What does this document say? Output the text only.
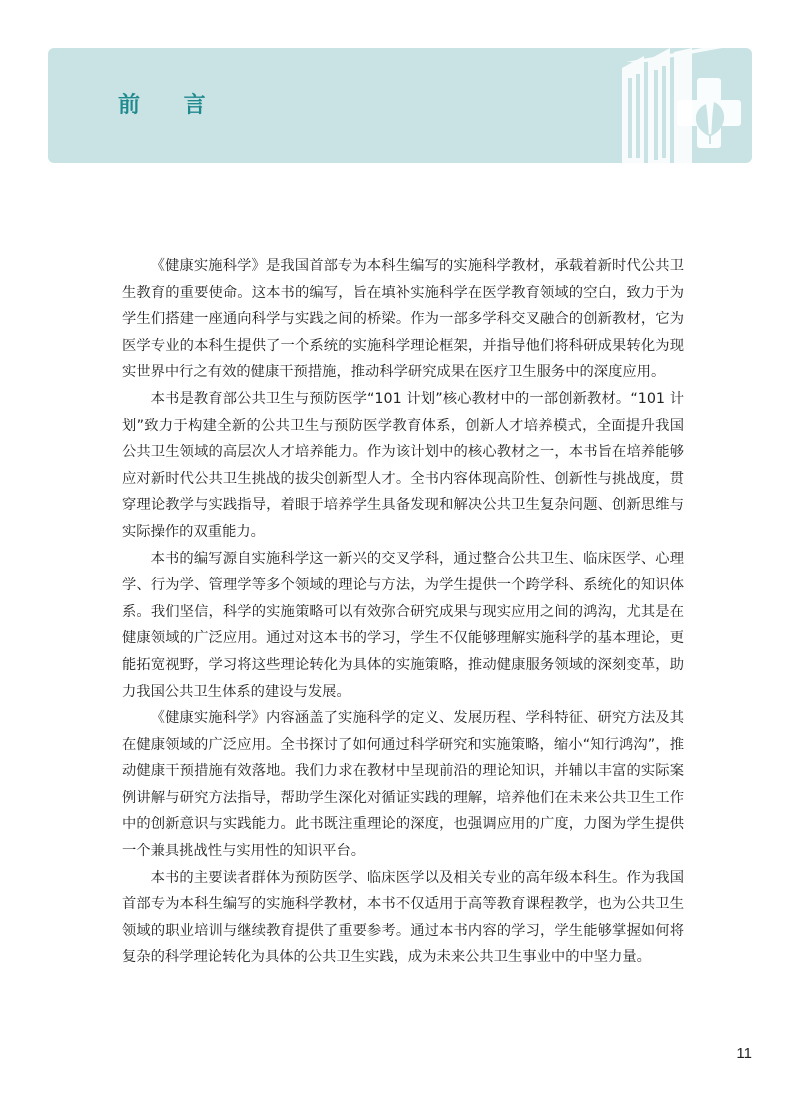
前 言

《健康实施科学》是我国首部专为本科生编写的实施科学教材，承载着新时代公共卫生教育的重要使命。这本书的编写，旨在填补实施科学在医学教育领域的空白，致力于为学生们搭建一座通向科学与实践之间的桥梁。作为一部多学科交叉融合的创新教材，它为医学专业的本科生提供了一个系统的实施科学理论框架，并指导他们将科研成果转化为现实世界中行之有效的健康干预措施，推动科学研究成果在医疗卫生服务中的深度应用。

本书是教育部公共卫生与预防医学“101 计划”核心教材中的一部创新教材。“101 计划”致力于构建全新的公共卫生与预防医学教育体系，创新人才培养模式，全面提升我国公共卫生领域的高层次人才培养能力。作为该计划中的核心教材之一，本书旨在培养能够应对新时代公共卫生挑战的拔尖创新型人才。全书内容体现高阶性、创新性与挑战度，贯穿理论教学与实践指导，着眼于培养学生具备发现和解决公共卫生复杂问题、创新思维与实际操作的双重能力。

本书的编写源自实施科学这一新兴的交叉学科，通过整合公共卫生、临床医学、心理学、行为学、管理学等多个领域的理论与方法，为学生提供一个跨学科、系统化的知识体系。我们坚信，科学的实施策略可以有效弥合研究成果与现实应用之间的鸿沟，尤其是在健康领域的广泛应用。通过对这本书的学习，学生不仅能够理解实施科学的基本理论，更能拓宽视野，学习将这些理论转化为具体的实施策略，推动健康服务领域的深刻变革，助力我国公共卫生体系的建设与发展。

《健康实施科学》内容涵盖了实施科学的定义、发展历程、学科特征、研究方法及其在健康领域的广泛应用。全书探讨了如何通过科学研究和实施策略，缩小“知行鸿沟”，推动健康干预措施有效落地。我们力求在教材中呈现前沿的理论知识，并辅以丰富的实际案例讲解与研究方法指导，帮助学生深化对循证实践的理解，培养他们在未来公共卫生工作中的创新意识与实践能力。此书既注重理论的深度，也强调应用的广度，力图为学生提供一个兼具挑战性与实用性的知识平台。

本书的主要读者群体为预防医学、临床医学以及相关专业的高年级本科生。作为我国首部专为本科生编写的实施科学教材，本书不仅适用于高等教育课程教学，也为公共卫生领域的职业培训与继续教育提供了重要参考。通过本书内容的学习，学生能够掌握如何将复杂的科学理论转化为具体的公共卫生实践，成为未来公共卫生事业中的中坚力量。

11
